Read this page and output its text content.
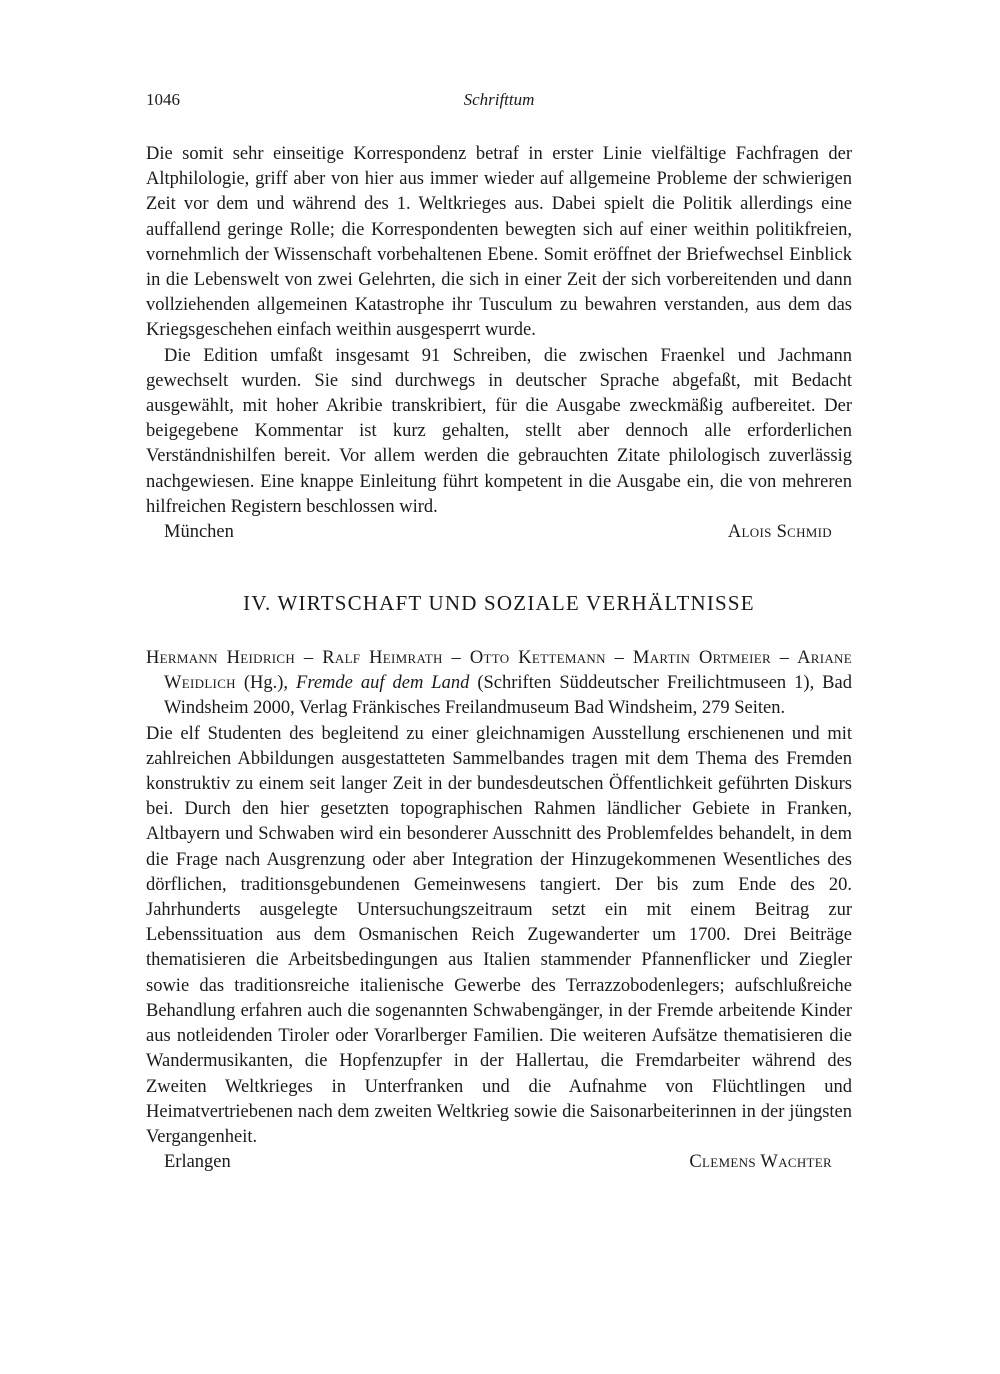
1046	Schrifttum

Die somit sehr einseitige Korrespondenz betraf in erster Linie vielfältige Fachfragen der Altphilologie, griff aber von hier aus immer wieder auf allgemeine Probleme der schwierigen Zeit vor dem und während des 1. Weltkrieges aus. Dabei spielt die Politik allerdings eine auffallend geringe Rolle; die Korrespondenten bewegten sich auf einer weithin politikfreien, vornehmlich der Wissenschaft vorbehaltenen Ebene. Somit eröffnet der Briefwechsel Einblick in die Lebenswelt von zwei Gelehrten, die sich in einer Zeit der sich vorbereitenden und dann vollziehenden allgemeinen Katastrophe ihr Tusculum zu bewahren verstanden, aus dem das Kriegsgeschehen einfach weithin ausgesperrt wurde.

Die Edition umfaßt insgesamt 91 Schreiben, die zwischen Fraenkel und Jachmann gewechselt wurden. Sie sind durchwegs in deutscher Sprache abgefaßt, mit Bedacht ausgewählt, mit hoher Akribie transkribiert, für die Ausgabe zweckmäßig aufbereitet. Der beigegebene Kommentar ist kurz gehalten, stellt aber dennoch alle erforderlichen Verständnishilfen bereit. Vor allem werden die gebrauchten Zitate philologisch zuverlässig nachgewiesen. Eine knappe Einleitung führt kompetent in die Ausgabe ein, die von mehreren hilfreichen Registern beschlossen wird.

München	Alois Schmid
IV. WIRTSCHAFT UND SOZIALE VERHÄLTNISSE

Hermann Heidrich – Ralf Heimrath – Otto Kettemann – Martin Ortmeier – Ariane Weidlich (Hg.), Fremde auf dem Land (Schriften Süddeutscher Freilichtmuseen 1), Bad Windsheim 2000, Verlag Fränkisches Freilandmuseum Bad Windsheim, 279 Seiten.

Die elf Studenten des begleitend zu einer gleichnamigen Ausstellung erschienenen und mit zahlreichen Abbildungen ausgestatteten Sammelbandes tragen mit dem Thema des Fremden konstruktiv zu einem seit langer Zeit in der bundesdeutschen Öffentlichkeit geführten Diskurs bei. Durch den hier gesetzten topographischen Rahmen ländlicher Gebiete in Franken, Altbayern und Schwaben wird ein besonderer Ausschnitt des Problemfeldes behandelt, in dem die Frage nach Ausgrenzung oder aber Integration der Hinzugekommenen Wesentliches des dörflichen, traditionsgebundenen Gemeinwesens tangiert. Der bis zum Ende des 20. Jahrhunderts ausgelegte Untersuchungszeitraum setzt ein mit einem Beitrag zur Lebenssituation aus dem Osmanischen Reich Zugewanderter um 1700. Drei Beiträge thematisieren die Arbeitsbedingungen aus Italien stammender Pfannenflicker und Ziegler sowie das traditionsreiche italienische Gewerbe des Terrazzobodenlegers; aufschlußreiche Behandlung erfahren auch die sogenannten Schwabengänger, in der Fremde arbeitende Kinder aus notleidenden Tiroler oder Vorarlberger Familien. Die weiteren Aufsätze thematisieren die Wandermusikanten, die Hopfenzupfer in der Hallertau, die Fremdarbeiter während des Zweiten Weltkrieges in Unterfranken und die Aufnahme von Flüchtlingen und Heimatvertriebenen nach dem zweiten Weltkrieg sowie die Saisonarbeiterinnen in der jüngsten Vergangenheit.

Erlangen	Clemens Wachter
